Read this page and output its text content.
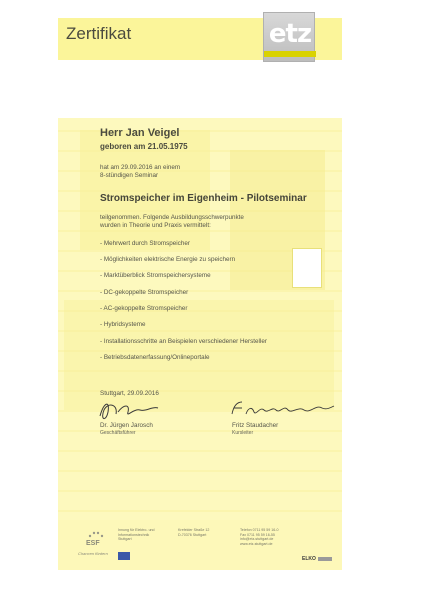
Zertifikat	etz
Herr Jan Veigel
geboren am 21.05.1975
hat am 29.09.2016 an einem
8-stündigen Seminar
Stromspeicher im Eigenheim - Pilotseminar
teilgenommen. Folgende Ausbildungsschwerpunkte
wurden in Theorie und Praxis vermittelt:
- Mehrwert durch Stromspeicher
- Möglichkeiten elektrische Energie zu speichern
- Marktüberblick Stromspeichersysteme
- DC-gekoppelte Stromspeicher
- AC-gekoppelte Stromspeicher
- Hybridsysteme
- Installationsschritte an Beispielen verschiedener Hersteller
- Betriebsdatenerfassung/Onlineportale
Stuttgart, 29.09.2016
Dr. Jürgen Jarosch
Geschäftsführer
Fritz Staudacher
Kursleiter
ESF
Chancen fördern
Innung für Elektro- und
Informationstechnik
Stuttgart
Krefelder Straße 12
D-70376 Stuttgart
Telefon 0711 95 59 16-0
Fax 0711 95 59 16-55
info@etz-stuttgart.de
www.etz-stuttgart.de
ELKO
